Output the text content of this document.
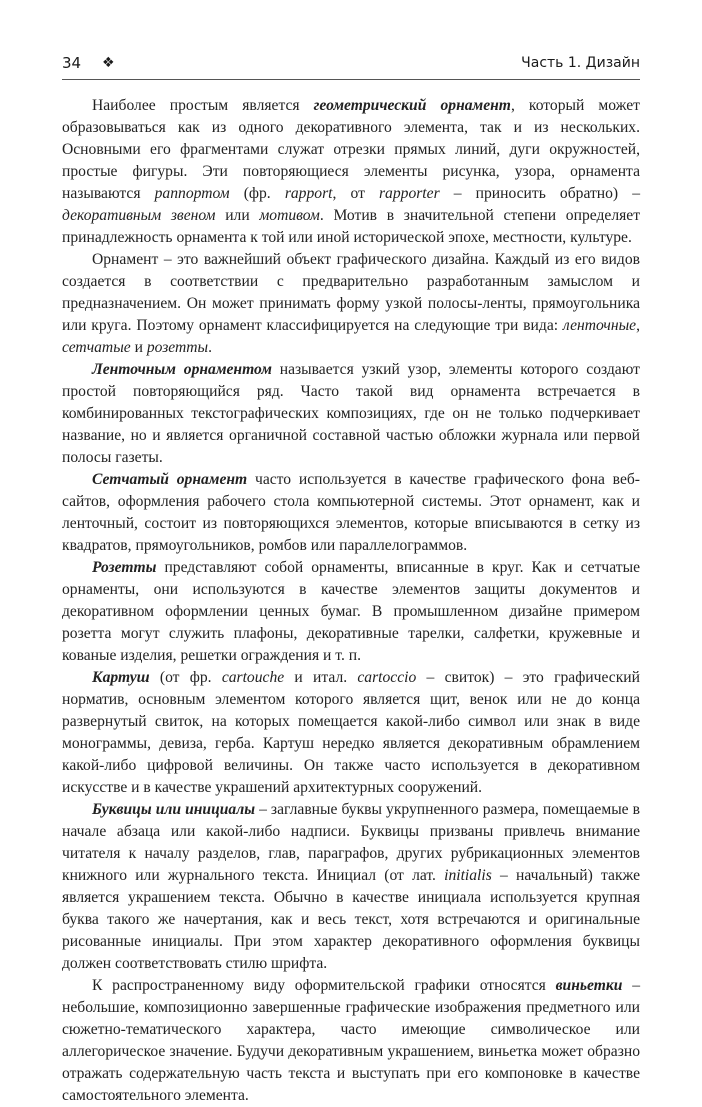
34 ❖	Часть 1. Дизайн

Наиболее простым является геометрический орнамент, который может образовываться как из одного декоративного элемента, так и из нескольких. Основными его фрагментами служат отрезки прямых линий, дуги окружностей, простые фигуры. Эти повторяющиеся элементы рисунка, узора, орнамента называются раппортом (фр. rapport, от rapporter – приносить обратно) – декоративным звеном или мотивом. Мотив в значительной степени определяет принадлежность орнамента к той или иной исторической эпохе, местности, культуре.

Орнамент – это важнейший объект графического дизайна. Каждый из его видов создается в соответствии с предварительно разработанным замыслом и предназначением. Он может принимать форму узкой полосы-ленты, прямоугольника или круга. Поэтому орнамент классифицируется на следующие три вида: ленточные, сетчатые и розетты.

Ленточным орнаментом называется узкий узор, элементы которого создают простой повторяющийся ряд. Часто такой вид орнамента встречается в комбинированных текстографических композициях, где он не только подчеркивает название, но и является органичной составной частью обложки журнала или первой полосы газеты.

Сетчатый орнамент часто используется в качестве графического фона веб-сайтов, оформления рабочего стола компьютерной системы. Этот орнамент, как и ленточный, состоит из повторяющихся элементов, которые вписываются в сетку из квадратов, прямоугольников, ромбов или параллелограммов.

Розетты представляют собой орнаменты, вписанные в круг. Как и сетчатые орнаменты, они используются в качестве элементов защиты документов и декоративном оформлении ценных бумаг. В промышленном дизайне примером розетта могут служить плафоны, декоративные тарелки, салфетки, кружевные и кованые изделия, решетки ограждения и т. п.

Картуш (от фр. cartouche и итал. cartoccio – свиток) – это графический норматив, основным элементом которого является щит, венок или не до конца развернутый свиток, на которых помещается какой-либо символ или знак в виде монограммы, девиза, герба. Картуш нередко является декоративным обрамлением какой-либо цифровой величины. Он также часто используется в декоративном искусстве и в качестве украшений архитектурных сооружений.

Буквицы или инициалы – заглавные буквы укрупненного размера, помещаемые в начале абзаца или какой-либо надписи. Буквицы призваны привлечь внимание читателя к началу разделов, глав, параграфов, других рубрикационных элементов книжного или журнального текста. Инициал (от лат. initialis – начальный) также является украшением текста. Обычно в качестве инициала используется крупная буква такого же начертания, как и весь текст, хотя встречаются и оригинальные рисованные инициалы. При этом характер декоративного оформления буквицы должен соответствовать стилю шрифта.

К распространенному виду оформительской графики относятся виньетки – небольшие, композиционно завершенные графические изображения предметного или сюжетно-тематического характера, часто имеющие символическое или аллегорическое значение. Будучи декоративным украшением, виньетка может образно отражать содержательную часть текста и выступать при его компоновке в качестве самостоятельного элемента.
